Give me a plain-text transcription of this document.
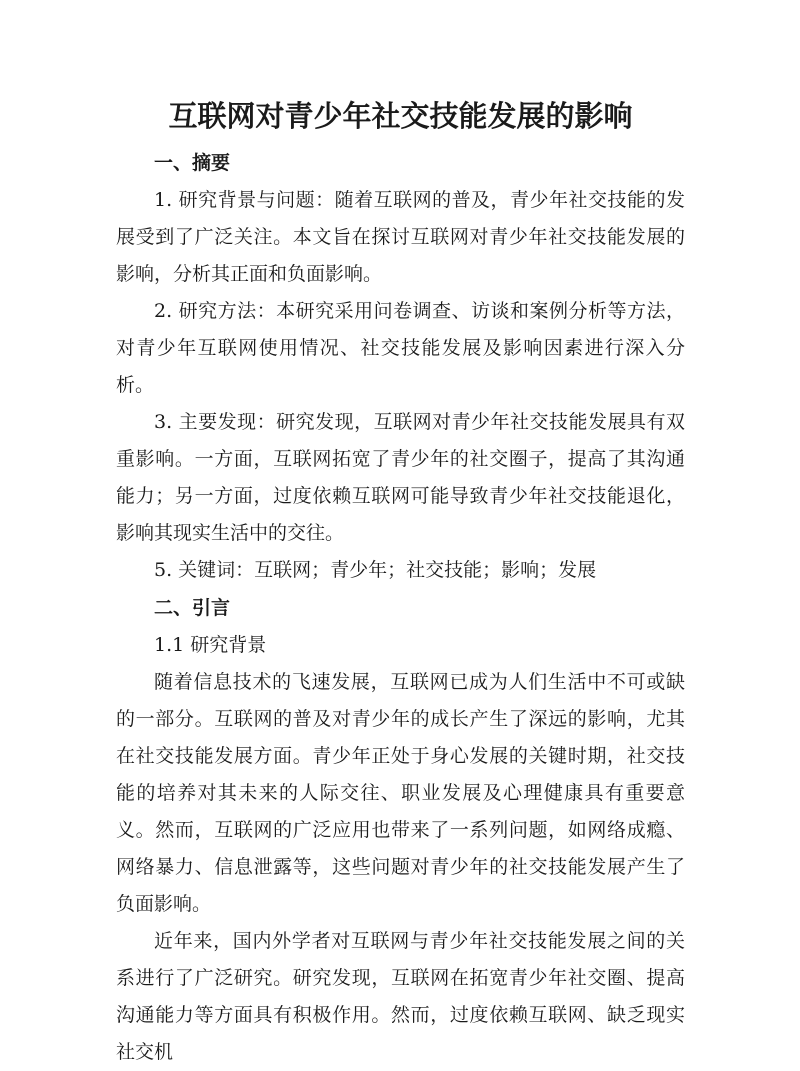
互联网对青少年社交技能发展的影响
一、摘要

1. 研究背景与问题：随着互联网的普及，青少年社交技能的发展受到了广泛关注。本文旨在探讨互联网对青少年社交技能发展的影响，分析其正面和负面影响。

2. 研究方法：本研究采用问卷调查、访谈和案例分析等方法，对青少年互联网使用情况、社交技能发展及影响因素进行深入分析。

3. 主要发现：研究发现，互联网对青少年社交技能发展具有双重影响。一方面，互联网拓宽了青少年的社交圈子，提高了其沟通能力；另一方面，过度依赖互联网可能导致青少年社交技能退化，影响其现实生活中的交往。

5. 关键词：互联网；青少年；社交技能；影响；发展

二、引言

1.1 研究背景

随着信息技术的飞速发展，互联网已成为人们生活中不可或缺的一部分。互联网的普及对青少年的成长产生了深远的影响，尤其在社交技能发展方面。青少年正处于身心发展的关键时期，社交技能的培养对其未来的人际交往、职业发展及心理健康具有重要意义。然而，互联网的广泛应用也带来了一系列问题，如网络成瘾、网络暴力、信息泄露等，这些问题对青少年的社交技能发展产生了负面影响。

近年来，国内外学者对互联网与青少年社交技能发展之间的关系进行了广泛研究。研究发现，互联网在拓宽青少年社交圈、提高沟通能力等方面具有积极作用。然而，过度依赖互联网、缺乏现实社交机
